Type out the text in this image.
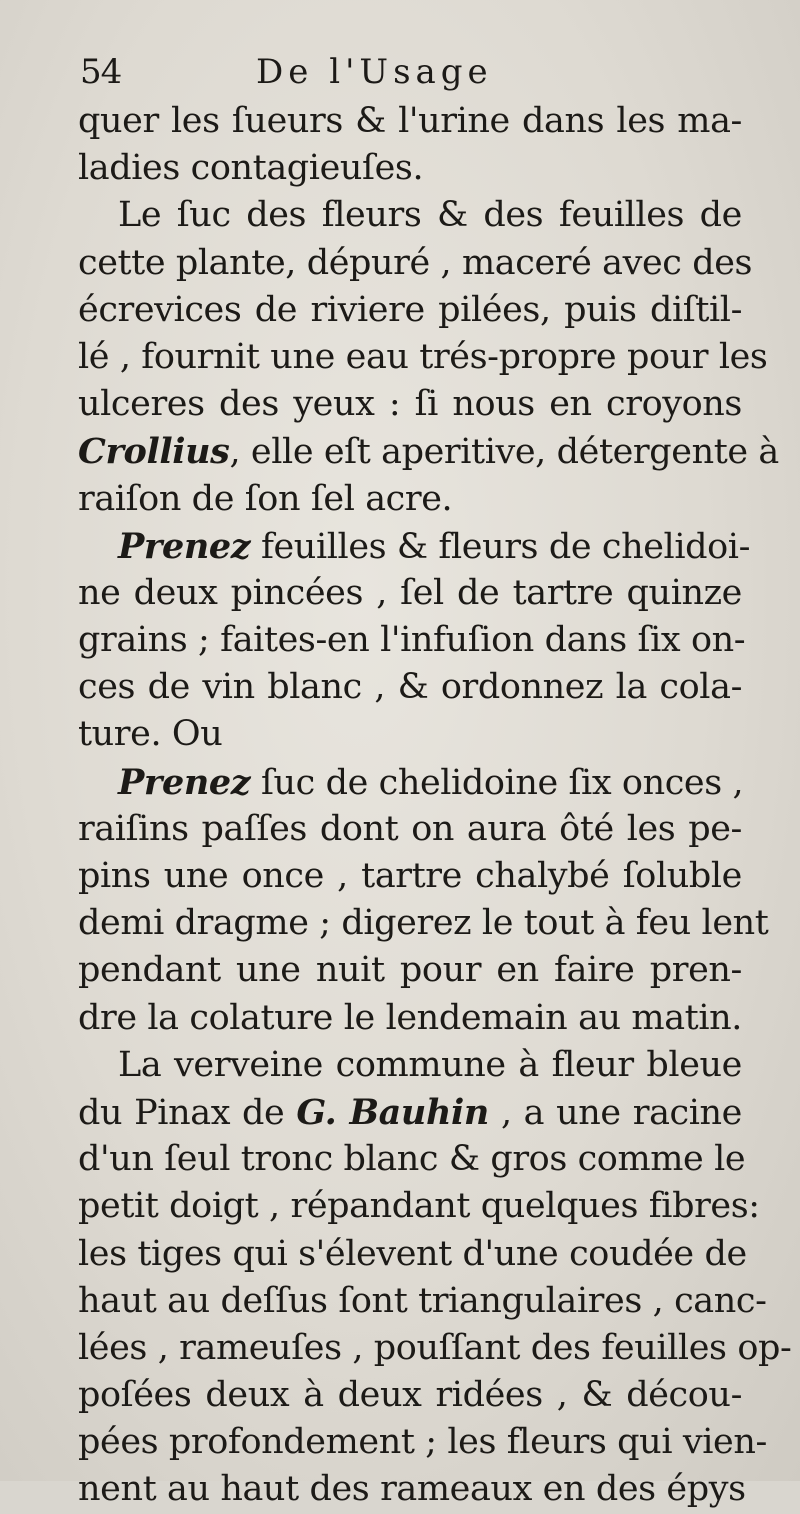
54	De l'Usage
quer les ſueurs & l'urine dans les ma-
ladies contagieuſes.
Le ſuc des fleurs & des feuilles de
cette plante, dépuré , maceré avec des
écrevices de riviere pilées, puis diſtil-
lé , fournit une eau trés-propre pour les
ulceres des yeux : ſi nous en croyons
Crollius, elle eſt aperitive, détergente à
raiſon de ſon ſel acre.
Prenez feuilles & fleurs de chelidoi-
ne deux pincées , ſel de tartre quinze
grains ; faites-en l'infuſion dans ſix on-
ces de vin blanc , & ordonnez la cola-
ture. Ou
Prenez ſuc de chelidoine ſix onces ,
raiſins paſſes dont on aura ôté les pe-
pins une once , tartre chalybé ſoluble
demi dragme ; digerez le tout à feu lent
pendant une nuit pour en faire pren-
dre la colature le lendemain au matin.
La verveine commune à fleur bleue
du Pinax de G. Bauhin , a une racine
d'un ſeul tronc blanc & gros comme le
petit doigt , répandant quelques fibres:
les tiges qui s'élevent d'une coudée de
haut au deſſus ſont triangulaires , canc-
lées , rameuſes , pouſſant des feuilles op-
poſées deux à deux ridées , & décou-
pées profondement ; les fleurs qui vien-
nent au haut des rameaux en des épys
